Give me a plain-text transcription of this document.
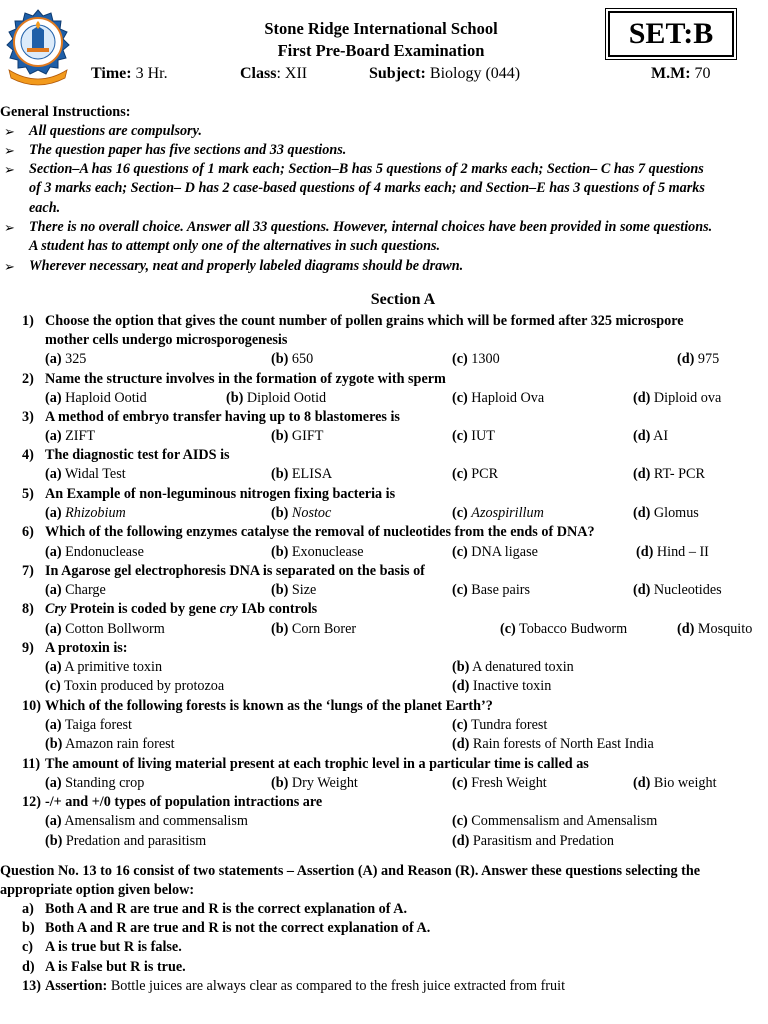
Stone Ridge International School
First Pre-Board Examination
SET:B
Time: 3 Hr.	Class: XII	Subject: Biology (044)	M.M: 70
General Instructions:
➢ All questions are compulsory.
➢ The question paper has five sections and 33 questions.
➢ Section–A has 16 questions of 1 mark each; Section–B has 5 questions of 2 marks each; Section– C has 7 questions
of 3 marks each; Section– D has 2 case-based questions of 4 marks each; and Section–E has 3 questions of 5 marks
each.
➢ There is no overall choice. Answer all 33 questions. However, internal choices have been provided in some questions.
A student has to attempt only one of the alternatives in such questions.
➢ Wherever necessary, neat and properly labeled diagrams should be drawn.
Section A
1) Choose the option that gives the count number of pollen grains which will be formed after 325 microspore
mother cells undergo microsporogenesis
(a) 325	(b) 650	(c) 1300	(d) 975
2) Name the structure involves in the formation of zygote with sperm
(a) Haploid Ootid	(b) Diploid Ootid	(c) Haploid Ova	(d) Diploid ova
3) A method of embryo transfer having up to 8 blastomeres is
(a) ZIFT	(b) GIFT	(c) IUT	(d) AI
4) The diagnostic test for AIDS is
(a) Widal Test	(b) ELISA	(c) PCR	(d) RT- PCR
5) An Example of non-leguminous nitrogen fixing bacteria is
(a) Rhizobium	(b) Nostoc	(c) Azospirillum	(d) Glomus
6) Which of the following enzymes catalyse the removal of nucleotides from the ends of DNA?
(a) Endonuclease	(b) Exonuclease	(c) DNA ligase	(d) Hind – II
7) In Agarose gel electrophoresis DNA is separated on the basis of
(a) Charge	(b) Size	(c) Base pairs	(d) Nucleotides
8) Cry Protein is coded by gene cry IAb controls
(a) Cotton Bollworm	(b) Corn Borer	(c) Tobacco Budworm	(d) Mosquito
9) A protoxin is:
(a) A primitive toxin	(b) A denatured toxin
(c) Toxin produced by protozoa	(d) Inactive toxin
10) Which of the following forests is known as the ‘lungs of the planet Earth’?
(a) Taiga forest	(c) Tundra forest
(b) Amazon rain forest	(d) Rain forests of North East India
11) The amount of living material present at each trophic level in a particular time is called as
(a) Standing crop	(b) Dry Weight	(c) Fresh Weight	(d) Bio weight
12) -/+ and +/0 types of population intractions are
(a) Amensalism and commensalism	(c) Commensalism and Amensalism
(b) Predation and parasitism	(d) Parasitism and Predation
Question No. 13 to 16 consist of two statements – Assertion (A) and Reason (R). Answer these questions selecting the
appropriate option given below:
a) Both A and R are true and R is the correct explanation of A.
b) Both A and R are true and R is not the correct explanation of A.
c) A is true but R is false.
d) A is False but R is true.
13) Assertion: Bottle juices are always clear as compared to the fresh juice extracted from fruit
